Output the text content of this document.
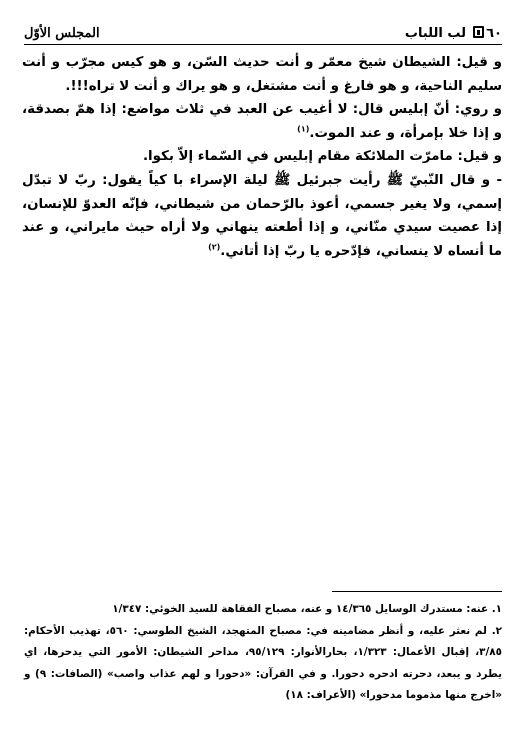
المجلس الأوّل	لب اللباب ٦٠

و قيل: الشيطان شيخ معمّر و أنت حديث السّن، و هو كيس مجرّب و أنت سليم الناحية، و هو فارغ و أنت مشتغل، و هو يراك و أنت لا تراه!!!.

و روي: أنّ إبليس قال: لا أغيب عن العبد في ثلاث مواضع: إذا همّ بصدقة، و إذا خلا بإمرأة، و عند الموت.$^{(١)}$

و قيل: مامرّت الملائكة مقام إبليس في السّماء إلاّ بكوا.

- و قال النّبيّ ﷺ رأيت جبرئيل ﷺ ليلة الإسراء با كياً يقول: ربّ لا تبدّل إسمي، ولا يغير جسمي، أعوذ بالرّحمان من شيطاني، فإنّه العدوّ للإنسان، إذا عصيت سيدي منّاني، و إذا أطعته ينهاني ولا أراه حيث مايراني، و عند ما أنساه لا ينساني، فإدّحره يا ربّ إذا أتاني.$^{(٢)}$

١. عنه: مستدرك الوسايل ١٤/٣٦٥ و عنه، مصباح الفقاهة للسيد الخوئي: ١/٣٤٧

٢. لم نعثر عليه، و أنظر مضامينه في: مصباح المتهجد، الشيخ الطوسي: ٥٦٠، تهذيب الأحكام: ٣/٨٥، إقبال الأعمال: ١/٣٢٣، بحارالأنوار: ٩٥/١٢٩، مداحر الشيطان: الأمور التي يدحرها، اي يطرد و يبعد، دحرته ادحره دحورا. و في القرآن: «دحورا و لهم عذاب واصب» (الصافات: ٩) و «اخرج منها مذموما مدحورا» (الأعراف: ١٨)
